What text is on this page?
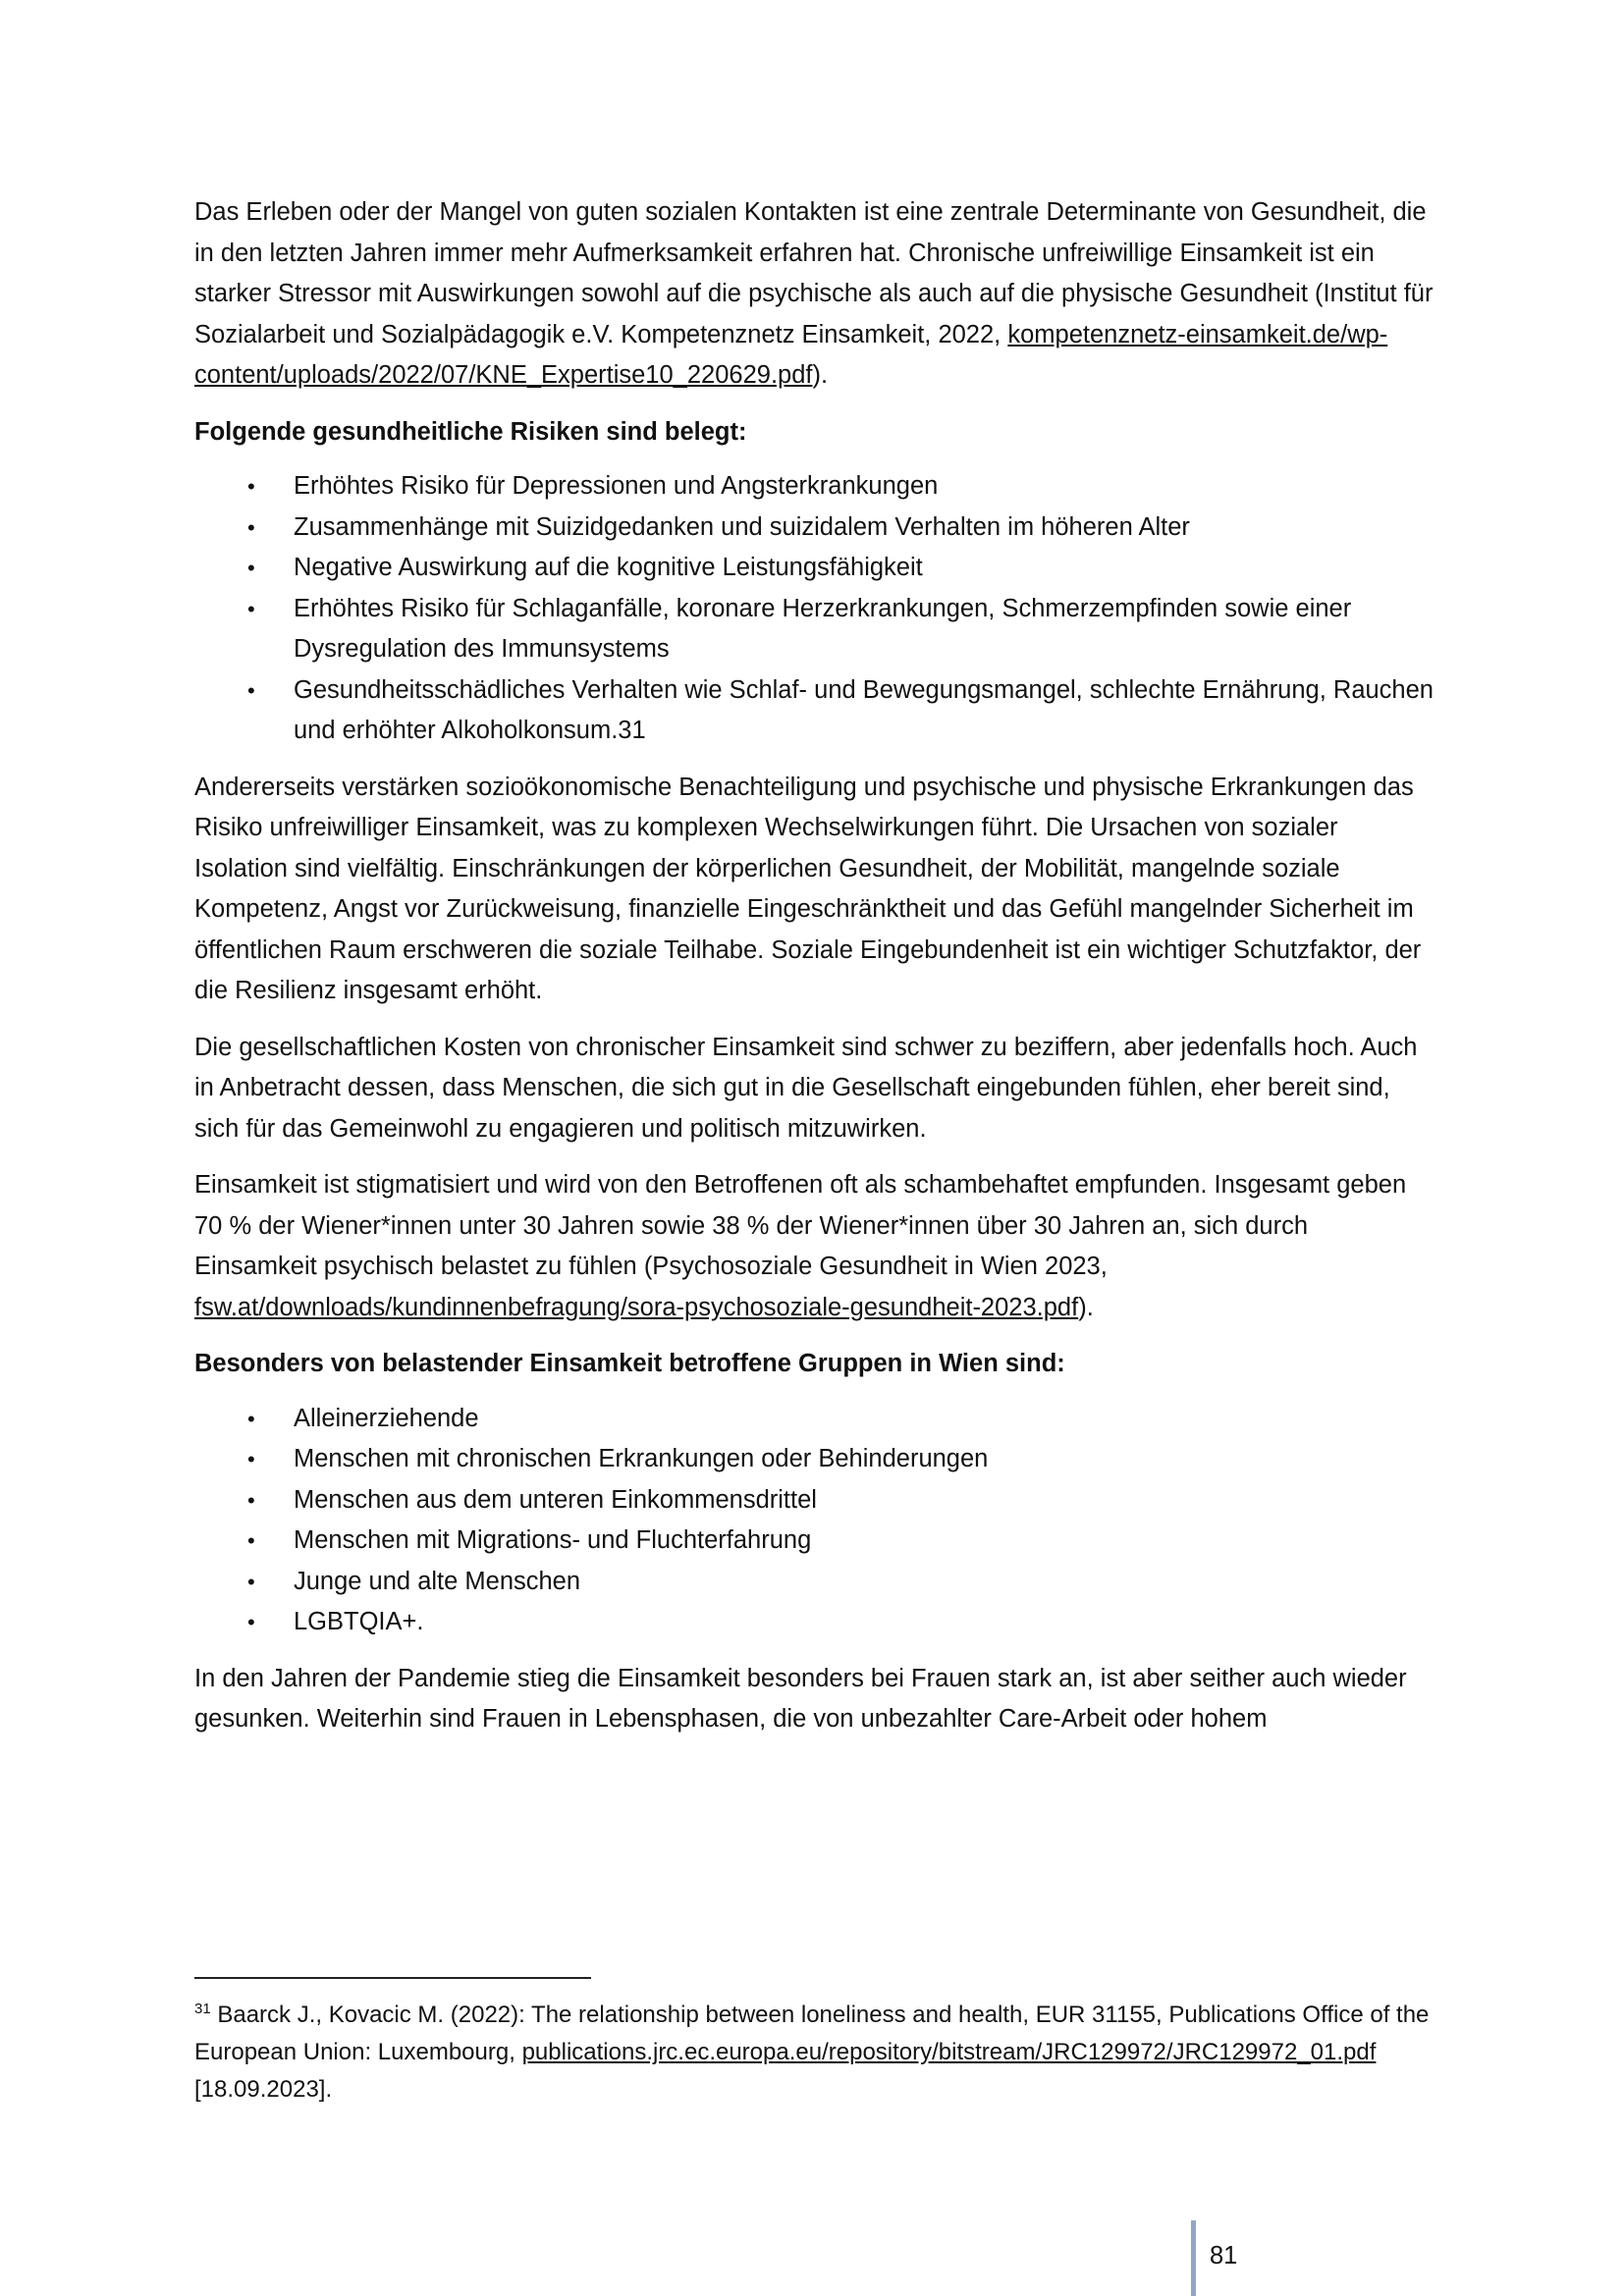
Das Erleben oder der Mangel von guten sozialen Kontakten ist eine zentrale Determinante von Gesundheit, die in den letzten Jahren immer mehr Aufmerksamkeit erfahren hat. Chronische unfreiwillige Einsamkeit ist ein starker Stressor mit Auswirkungen sowohl auf die psychische als auch auf die physische Gesundheit (Institut für Sozialarbeit und Sozialpädagogik e.V. Kompetenznetz Einsamkeit, 2022, kompetenznetz-einsamkeit.de/wp-content/uploads/2022/07/KNE_Expertise10_220629.pdf).

Folgende gesundheitliche Risiken sind belegt:

• Erhöhtes Risiko für Depressionen und Angsterkrankungen
• Zusammenhänge mit Suizidgedanken und suizidalem Verhalten im höheren Alter
• Negative Auswirkung auf die kognitive Leistungsfähigkeit
• Erhöhtes Risiko für Schlaganfälle, koronare Herzerkrankungen, Schmerzempfinden sowie einer Dysregulation des Immunsystems
• Gesundheitsschädliches Verhalten wie Schlaf- und Bewegungsmangel, schlechte Ernährung, Rauchen und erhöhter Alkoholkonsum.31

Andererseits verstärken sozioökonomische Benachteiligung und psychische und physische Erkrankungen das Risiko unfreiwilliger Einsamkeit, was zu komplexen Wechselwirkungen führt. Die Ursachen von sozialer Isolation sind vielfältig. Einschränkungen der körperlichen Gesundheit, der Mobilität, mangelnde soziale Kompetenz, Angst vor Zurückweisung, finanzielle Eingeschränktheit und das Gefühl mangelnder Sicherheit im öffentlichen Raum erschweren die soziale Teilhabe. Soziale Eingebundenheit ist ein wichtiger Schutzfaktor, der die Resilienz insgesamt erhöht.

Die gesellschaftlichen Kosten von chronischer Einsamkeit sind schwer zu beziffern, aber jedenfalls hoch. Auch in Anbetracht dessen, dass Menschen, die sich gut in die Gesellschaft eingebunden fühlen, eher bereit sind, sich für das Gemeinwohl zu engagieren und politisch mitzuwirken.

Einsamkeit ist stigmatisiert und wird von den Betroffenen oft als schambehaftet empfunden. Insgesamt geben 70 % der Wiener*innen unter 30 Jahren sowie 38 % der Wiener*innen über 30 Jahren an, sich durch Einsamkeit psychisch belastet zu fühlen (Psychosoziale Gesundheit in Wien 2023, fsw.at/downloads/kundinnenbefragung/sora-psychosoziale-gesundheit-2023.pdf).

Besonders von belastender Einsamkeit betroffene Gruppen in Wien sind:

• Alleinerziehende
• Menschen mit chronischen Erkrankungen oder Behinderungen
• Menschen aus dem unteren Einkommensdrittel
• Menschen mit Migrations- und Fluchterfahrung
• Junge und alte Menschen
• LGBTQIA+.

In den Jahren der Pandemie stieg die Einsamkeit besonders bei Frauen stark an, ist aber seither auch wieder gesunken. Weiterhin sind Frauen in Lebensphasen, die von unbezahlter Care-Arbeit oder hohem

$^{31}$ Baarck J., Kovacic M. (2022): The relationship between loneliness and health, EUR 31155, Publications Office of the European Union: Luxembourg, publications.jrc.ec.europa.eu/repository/bitstream/JRC129972/JRC129972_01.pdf [18.09.2023].
81
